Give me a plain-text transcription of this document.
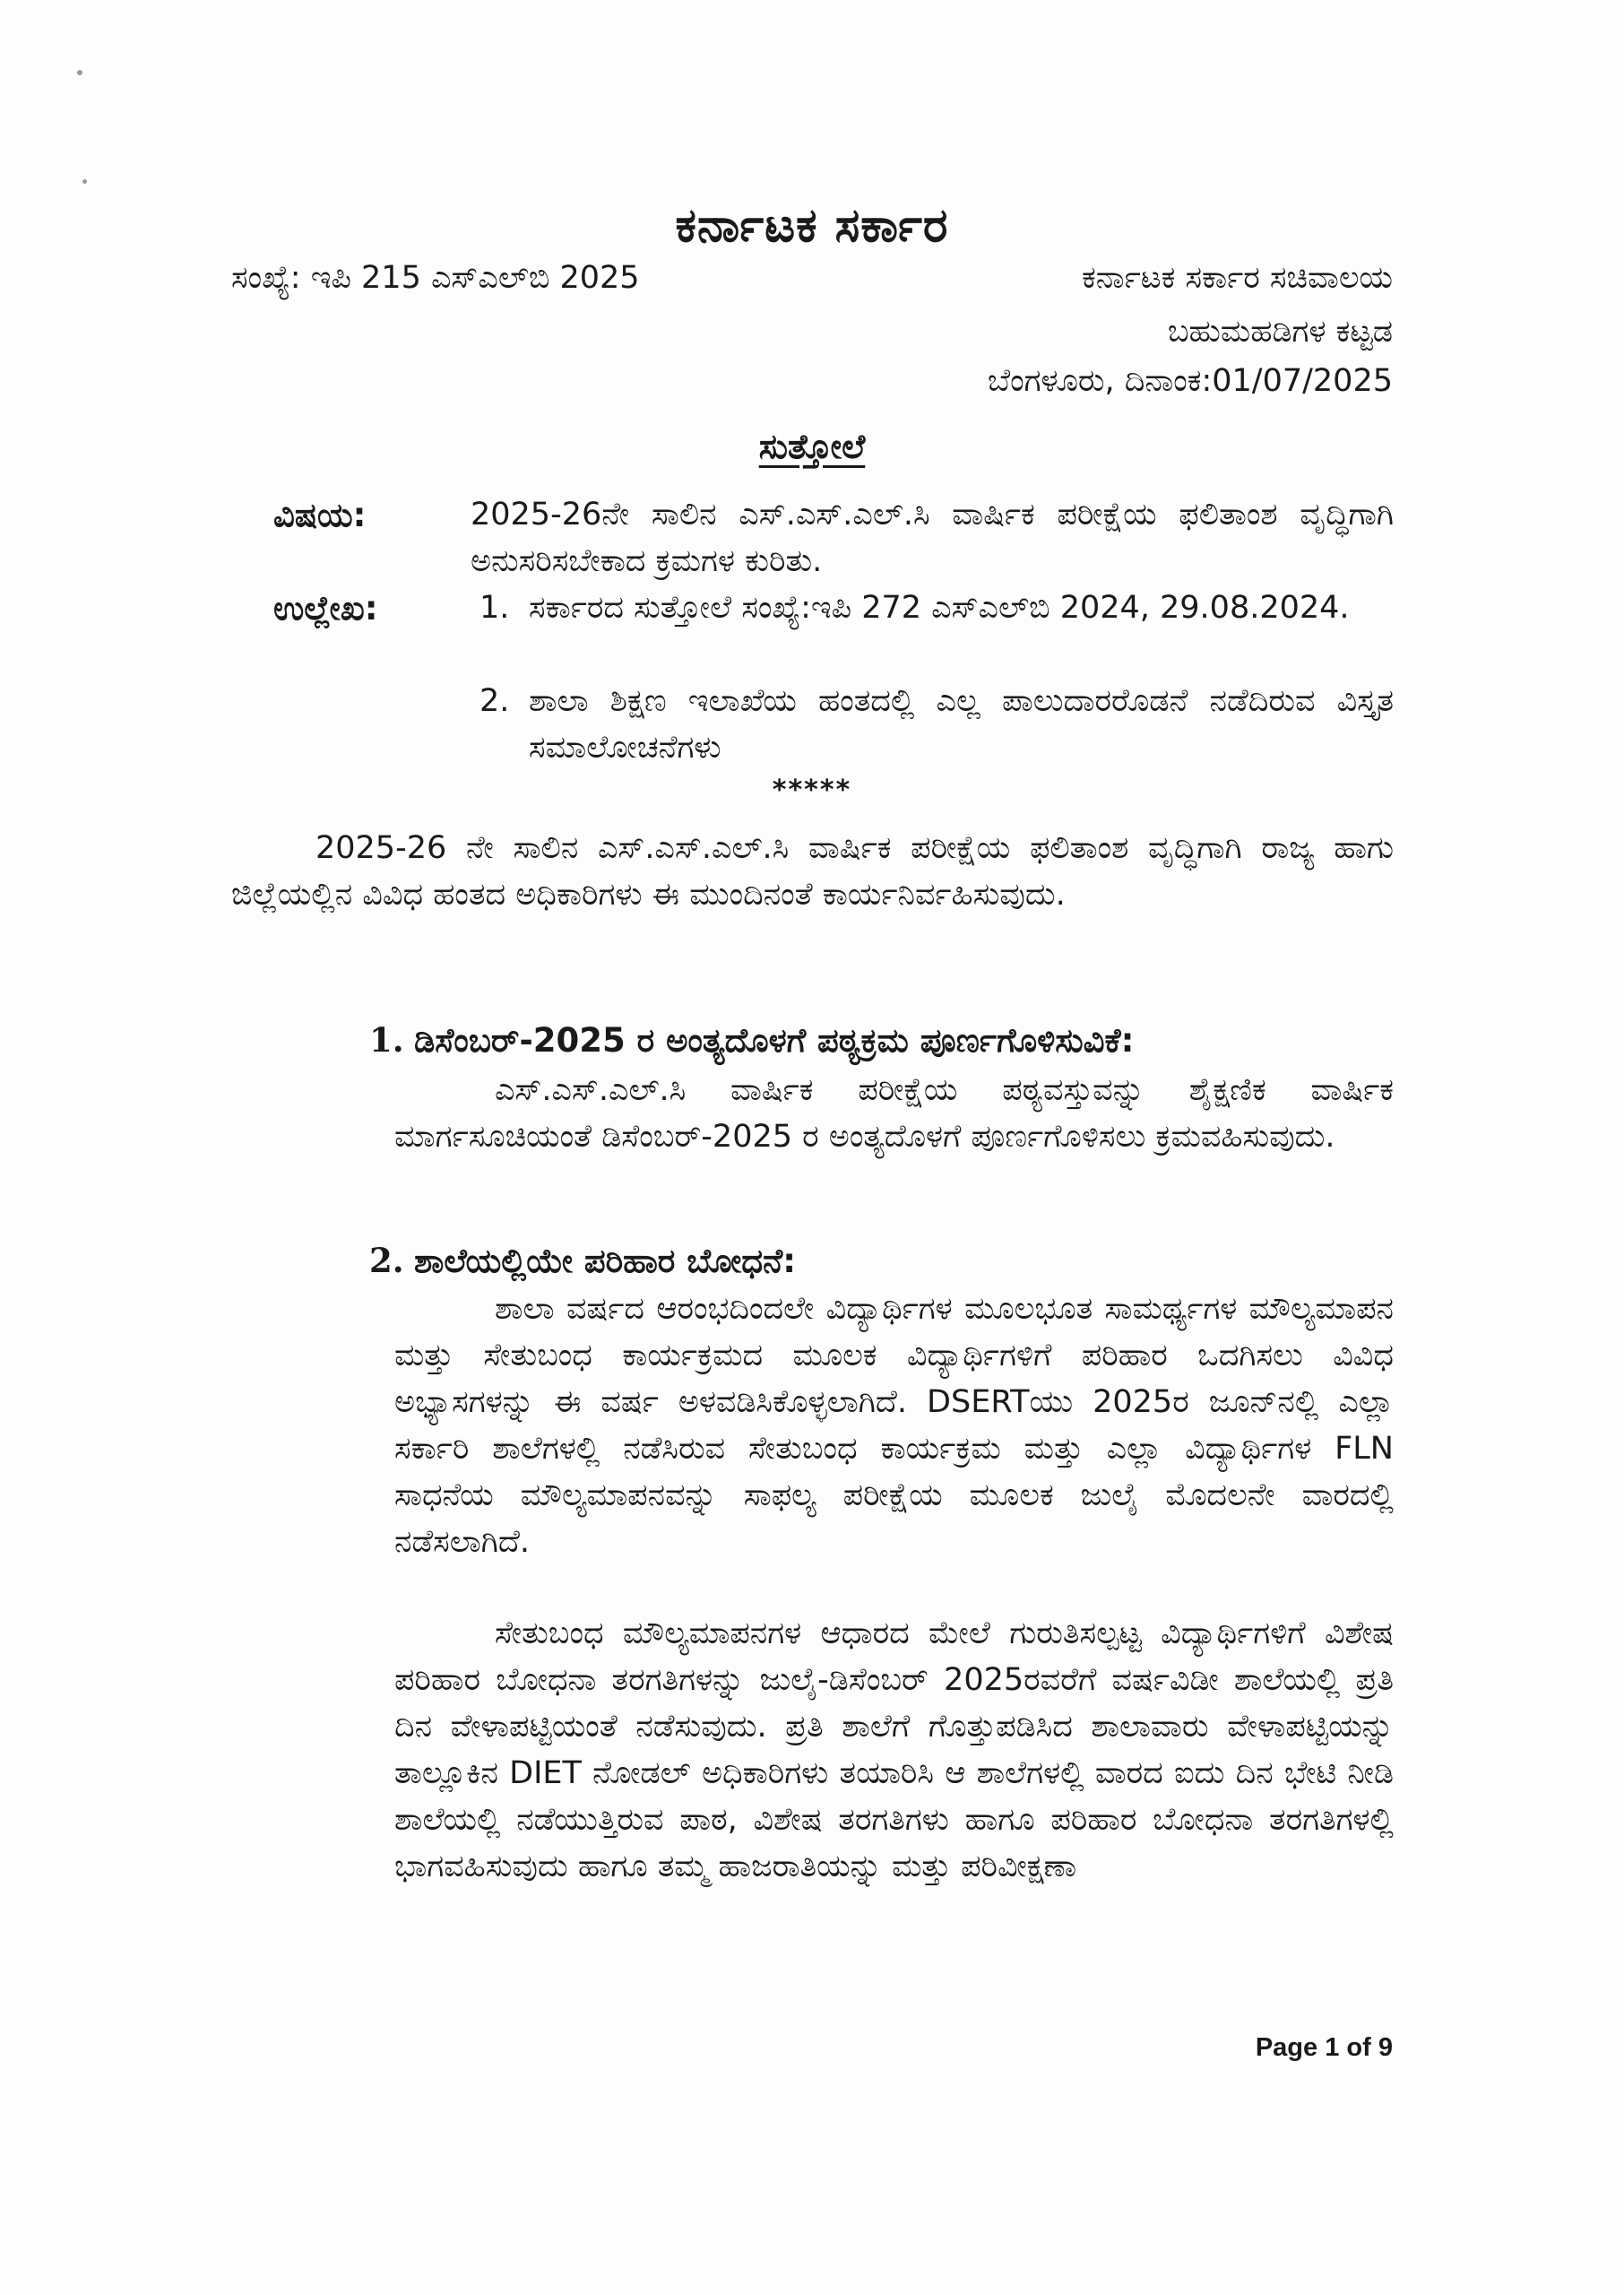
ಕರ್ನಾಟಕ ಸರ್ಕಾರ
ಸಂಖ್ಯೆ: ಇಪಿ 215 ಎಸ್‌ಎಲ್‌ಬಿ 2025	ಕರ್ನಾಟಕ ಸರ್ಕಾರ ಸಚಿವಾಲಯ
ಬಹುಮಹಡಿಗಳ ಕಟ್ಟಡ
ಬೆಂಗಳೂರು, ದಿನಾಂಕ:01/07/2025
ಸುತ್ತೋಲೆ
ವಿಷಯ:	2025-26ನೇ ಸಾಲಿನ ಎಸ್.ಎಸ್.ಎಲ್.ಸಿ ವಾರ್ಷಿಕ ಪರೀಕ್ಷೆಯ ಫಲಿತಾಂಶ ವೃದ್ಧಿಗಾಗಿ ಅನುಸರಿಸಬೇಕಾದ ಕ್ರಮಗಳ ಕುರಿತು.
ಉಲ್ಲೇಖ:	1. ಸರ್ಕಾರದ ಸುತ್ತೋಲೆ ಸಂಖ್ಯೆ:ಇಪಿ 272 ಎಸ್‌ಎಲ್‌ಬಿ 2024, 29.08.2024.
2. ಶಾಲಾ ಶಿಕ್ಷಣ ಇಲಾಖೆಯ ಹಂತದಲ್ಲಿ ಎಲ್ಲ ಪಾಲುದಾರರೊಡನೆ ನಡೆದಿರುವ ವಿಸ್ತೃತ ಸಮಾಲೋಚನೆಗಳು
*****
2025-26 ನೇ ಸಾಲಿನ ಎಸ್.ಎಸ್.ಎಲ್.ಸಿ ವಾರ್ಷಿಕ ಪರೀಕ್ಷೆಯ ಫಲಿತಾಂಶ ವೃದ್ಧಿಗಾಗಿ ರಾಜ್ಯ ಹಾಗು ಜಿಲ್ಲೆಯಲ್ಲಿನ ವಿವಿಧ ಹಂತದ ಅಧಿಕಾರಿಗಳು ಈ ಮುಂದಿನಂತೆ ಕಾರ್ಯನಿರ್ವಹಿಸುವುದು.
1. ಡಿಸೆಂಬರ್-2025 ರ ಅಂತ್ಯದೊಳಗೆ ಪಠ್ಯಕ್ರಮ ಪೂರ್ಣಗೊಳಿಸುವಿಕೆ:
ಎಸ್.ಎಸ್.ಎಲ್.ಸಿ ವಾರ್ಷಿಕ ಪರೀಕ್ಷೆಯ ಪಠ್ಯವಸ್ತುವನ್ನು ಶೈಕ್ಷಣಿಕ ವಾರ್ಷಿಕ ಮಾರ್ಗಸೂಚಿಯಂತೆ ಡಿಸೆಂಬರ್-2025 ರ ಅಂತ್ಯದೊಳಗೆ ಪೂರ್ಣಗೊಳಿಸಲು ಕ್ರಮವಹಿಸುವುದು.
2. ಶಾಲೆಯಲ್ಲಿಯೇ ಪರಿಹಾರ ಬೋಧನೆ:
ಶಾಲಾ ವರ್ಷದ ಆರಂಭದಿಂದಲೇ ವಿದ್ಯಾರ್ಥಿಗಳ ಮೂಲಭೂತ ಸಾಮರ್ಥ್ಯಗಳ ಮೌಲ್ಯಮಾಪನ ಮತ್ತು ಸೇತುಬಂಧ ಕಾರ್ಯಕ್ರಮದ ಮೂಲಕ ವಿದ್ಯಾರ್ಥಿಗಳಿಗೆ ಪರಿಹಾರ ಒದಗಿಸಲು ವಿವಿಧ ಅಭ್ಯಾಸಗಳನ್ನು ಈ ವರ್ಷ ಅಳವಡಿಸಿಕೊಳ್ಳಲಾಗಿದೆ. DSERTಯು 2025ರ ಜೂನ್‌ನಲ್ಲಿ ಎಲ್ಲಾ ಸರ್ಕಾರಿ ಶಾಲೆಗಳಲ್ಲಿ ನಡೆಸಿರುವ ಸೇತುಬಂಧ ಕಾರ್ಯಕ್ರಮ ಮತ್ತು ಎಲ್ಲಾ ವಿದ್ಯಾರ್ಥಿಗಳ FLN ಸಾಧನೆಯ ಮೌಲ್ಯಮಾಪನವನ್ನು ಸಾಫಲ್ಯ ಪರೀಕ್ಷೆಯ ಮೂಲಕ ಜುಲೈ ಮೊದಲನೇ ವಾರದಲ್ಲಿ ನಡೆಸಲಾಗಿದೆ.
ಸೇತುಬಂಧ ಮೌಲ್ಯಮಾಪನಗಳ ಆಧಾರದ ಮೇಲೆ ಗುರುತಿಸಲ್ಪಟ್ಟ ವಿದ್ಯಾರ್ಥಿಗಳಿಗೆ ವಿಶೇಷ ಪರಿಹಾರ ಬೋಧನಾ ತರಗತಿಗಳನ್ನು ಜುಲೈ-ಡಿಸೆಂಬರ್ 2025ರವರೆಗೆ ವರ್ಷವಿಡೀ ಶಾಲೆಯಲ್ಲಿ ಪ್ರತಿ ದಿನ ವೇಳಾಪಟ್ಟಿಯಂತೆ ನಡೆಸುವುದು. ಪ್ರತಿ ಶಾಲೆಗೆ ಗೊತ್ತುಪಡಿಸಿದ ಶಾಲಾವಾರು ವೇಳಾಪಟ್ಟಿಯನ್ನು ತಾಲ್ಲೂಕಿನ DIET ನೋಡಲ್ ಅಧಿಕಾರಿಗಳು ತಯಾರಿಸಿ ಆ ಶಾಲೆಗಳಲ್ಲಿ ವಾರದ ಐದು ದಿನ ಭೇಟಿ ನೀಡಿ ಶಾಲೆಯಲ್ಲಿ ನಡೆಯುತ್ತಿರುವ ಪಾಠ, ವಿಶೇಷ ತರಗತಿಗಳು ಹಾಗೂ ಪರಿಹಾರ ಬೋಧನಾ ತರಗತಿಗಳಲ್ಲಿ ಭಾಗವಹಿಸುವುದು ಹಾಗೂ ತಮ್ಮ ಹಾಜರಾತಿಯನ್ನು ಮತ್ತು ಪರಿವೀಕ್ಷಣಾ
Page 1 of 9
